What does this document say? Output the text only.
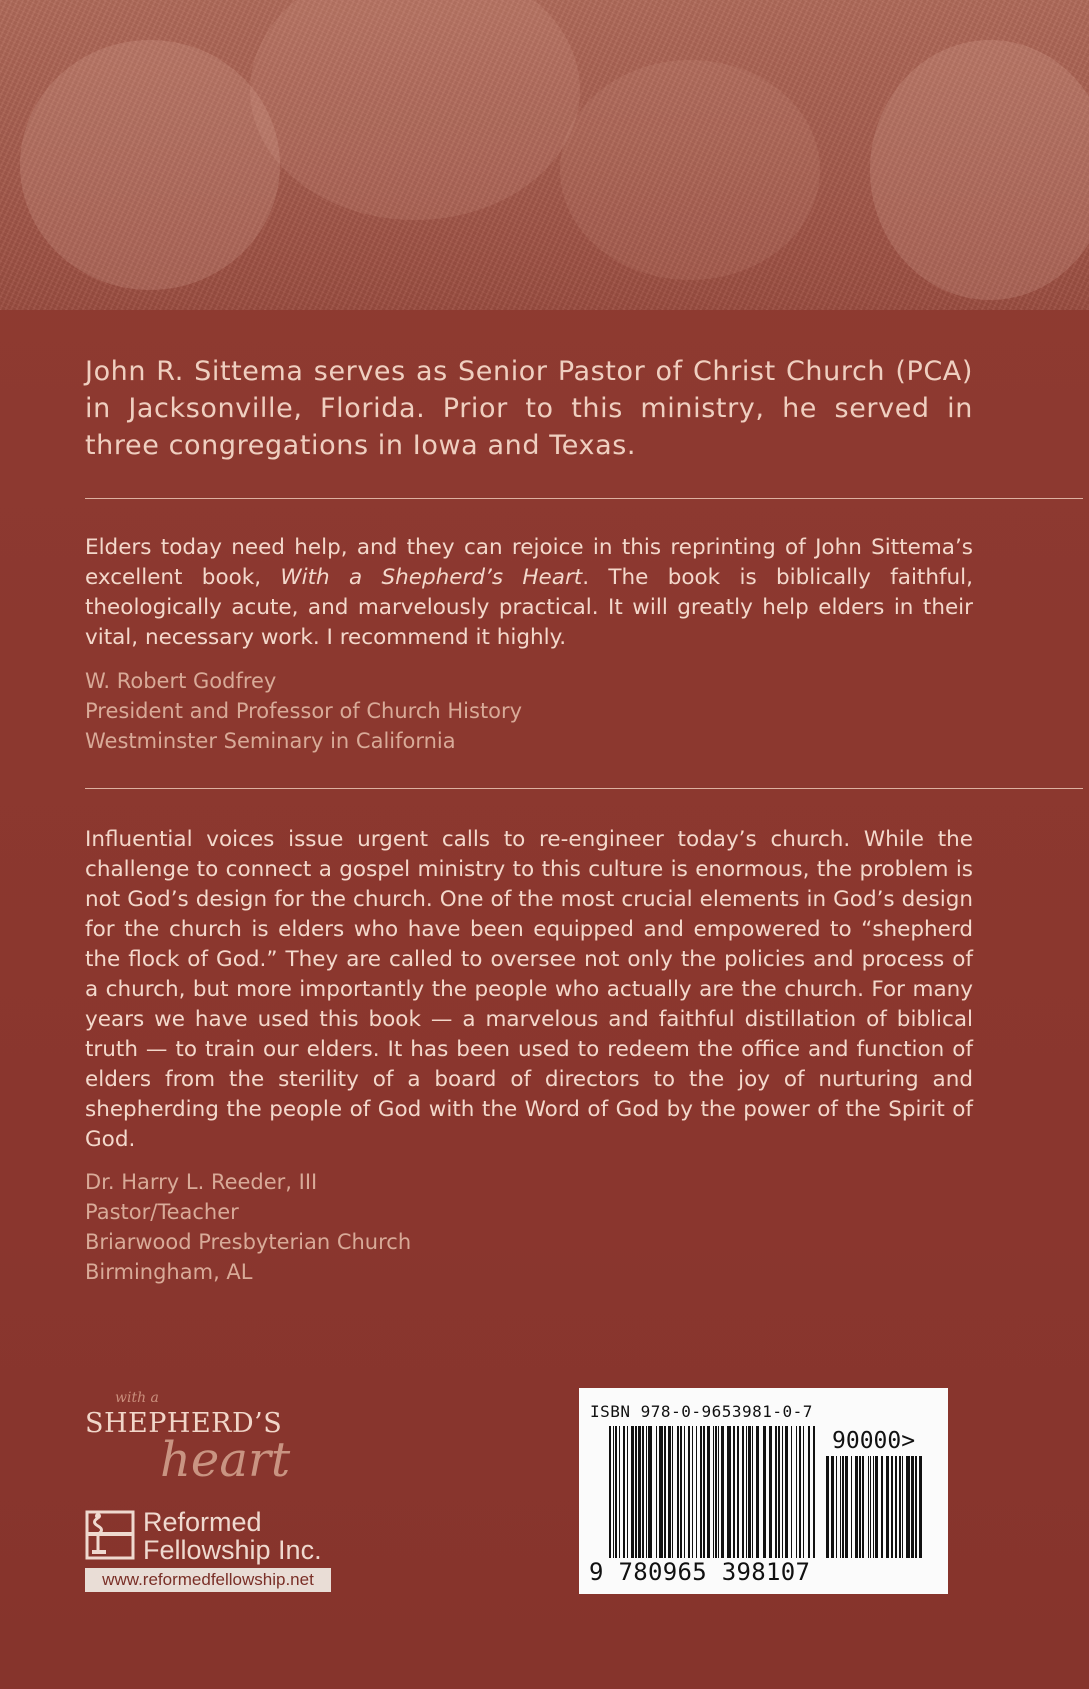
John R. Sittema serves as Senior Pastor of Christ Church (PCA) in Jacksonville, Florida. Prior to this ministry, he served in three congregations in Iowa and Texas.
Elders today need help, and they can rejoice in this reprinting of John Sittema’s excellent book, With a Shepherd’s Heart. The book is biblically faithful, theologically acute, and marvelously practical. It will greatly help elders in their vital, necessary work. I recommend it highly.
W. Robert Godfrey
President and Professor of Church History
Westminster Seminary in California
Influential voices issue urgent calls to re-engineer today’s church. While the challenge to connect a gospel ministry to this culture is enormous, the problem is not God’s design for the church. One of the most crucial elements in God’s design for the church is elders who have been equipped and empowered to “shepherd the flock of God.” They are called to oversee not only the policies and process of a church, but more importantly the people who actually are the church. For many years we have used this book — a marvelous and faithful distillation of biblical truth — to train our elders. It has been used to redeem the office and function of elders from the sterility of a board of directors to the joy of nurturing and shepherding the people of God with the Word of God by the power of the Spirit of God.
Dr. Harry L. Reeder, III
Pastor/Teacher
Briarwood Presbyterian Church
Birmingham, AL
with a
SHEPHERD’S
heart
Reformed
Fellowship Inc.
www.reformedfellowship.net
ISBN 978-0-9653981-0-7
90000>
9 780965 398107
